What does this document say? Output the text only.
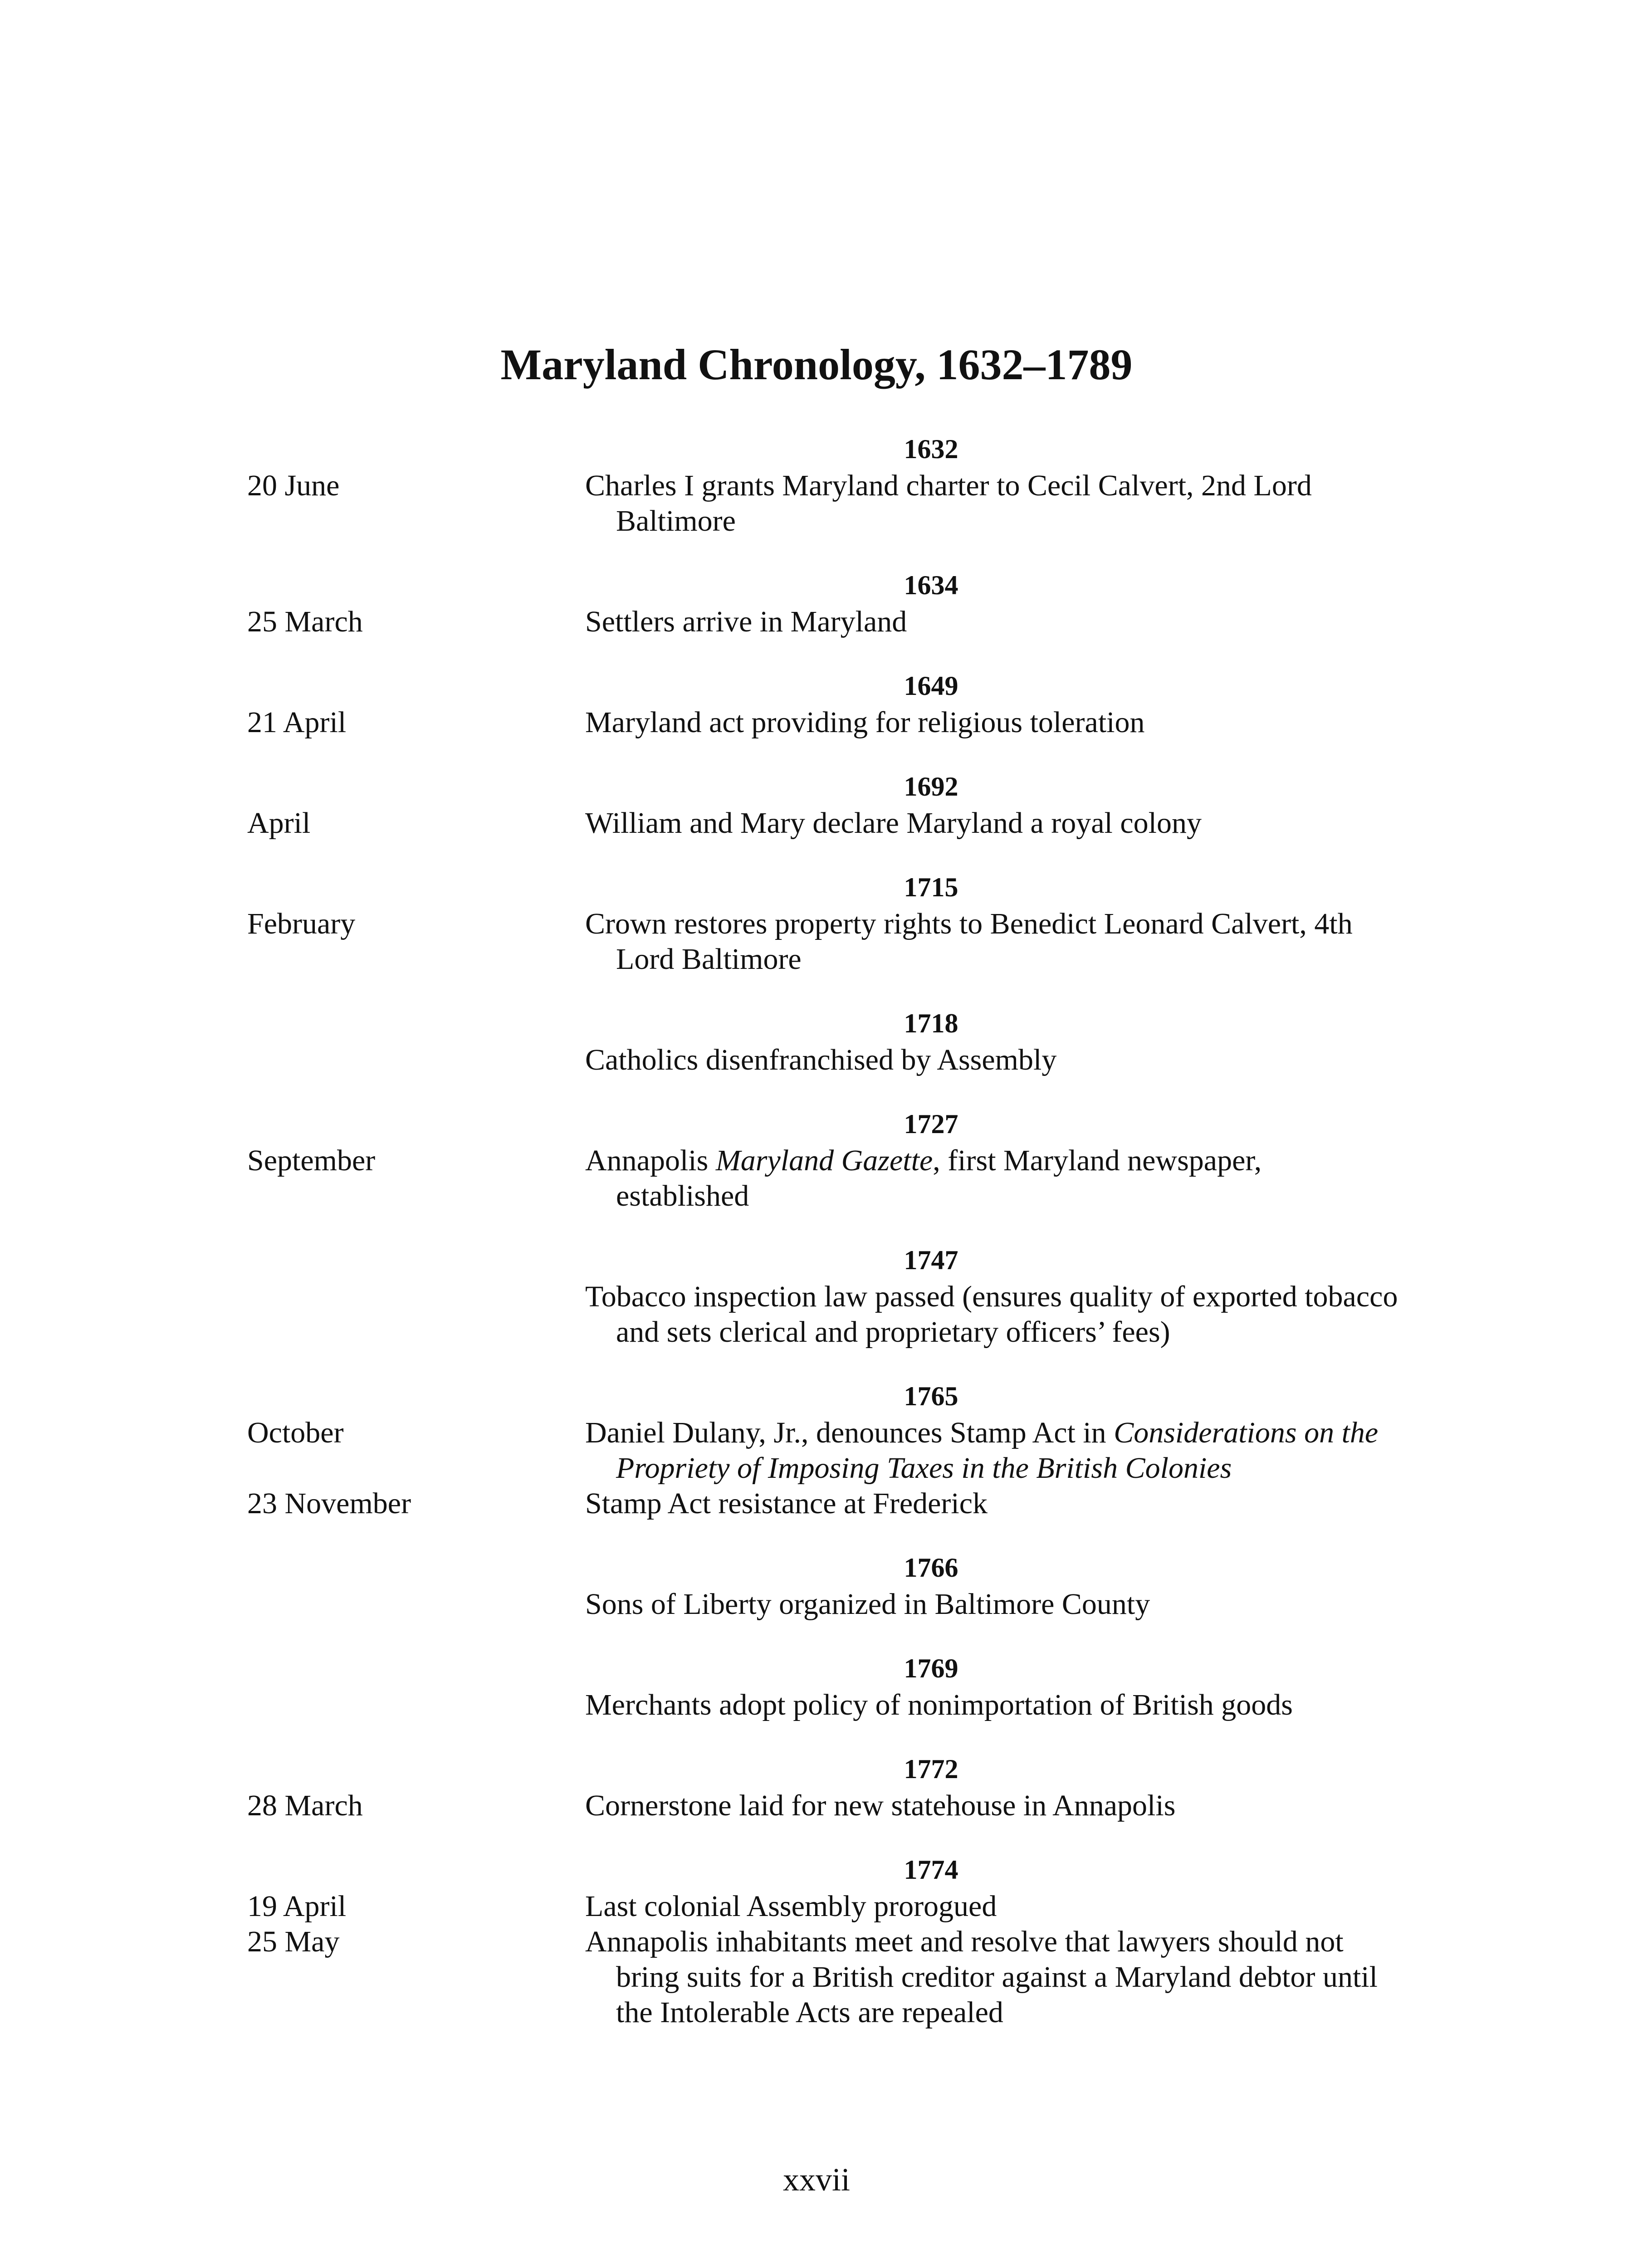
Maryland Chronology, 1632–1789
1632
20 June	Charles I grants Maryland charter to Cecil Calvert, 2nd Lord Baltimore
1634
25 March	Settlers arrive in Maryland
1649
21 April	Maryland act providing for religious toleration
1692
April	William and Mary declare Maryland a royal colony
1715
February	Crown restores property rights to Benedict Leonard Calvert, 4th Lord Baltimore
1718
Catholics disenfranchised by Assembly
1727
September	Annapolis Maryland Gazette, first Maryland newspaper, established
1747
Tobacco inspection law passed (ensures quality of exported tobacco and sets clerical and proprietary officers’ fees)
1765
October	Daniel Dulany, Jr., denounces Stamp Act in Considerations on the Propriety of Imposing Taxes in the British Colonies
23 November	Stamp Act resistance at Frederick
1766
Sons of Liberty organized in Baltimore County
1769
Merchants adopt policy of nonimportation of British goods
1772
28 March	Cornerstone laid for new statehouse in Annapolis
1774
19 April	Last colonial Assembly prorogued
25 May	Annapolis inhabitants meet and resolve that lawyers should not bring suits for a British creditor against a Maryland debtor until the Intolerable Acts are repealed
xxvii
